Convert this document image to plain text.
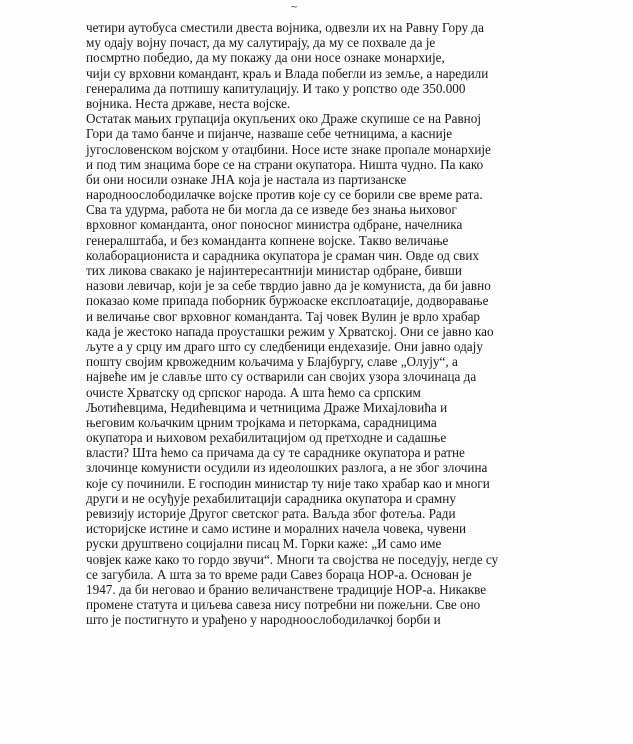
~
четири аутобуса сместили двеста војника, одвезли их на Равну Гору да
му одају војну почаст, да му салутирају, да му се похвале да је
посмртно победио, да му покажу да они носе ознаке монархије,
чији су врховни командант, краљ и Влада побегли из земље, а наредили
генералима да потпишу капитулацију. И тако у ропство оде 350.000
војника. Неста државе, неста војске.
Остатак мањих групација окупљених око Драже скупише се на Равној
Гори да тамо банче и пијанче, назваше себе четницима, а касније
југословенском војском у отаџбини. Носе исте знаке пропале монархије
и под тим знацима боре се на страни окупатора. Ништа чудно. Па како
би они носили ознаке ЈНА која је настала из партизанске
народноослободилачке војске против које су се борили све време рата.
Сва та удурма, работа не би могла да се изведе без знања њиховог
врховног команданта, оног поносног министра одбране, начелника
генералштаба, и без команданта копнене војске. Такво величање
колаборациониста и сарадника окупатора је сраман чин. Овде од свих
тих ликова свакако је најинтересантнији министар одбране, бивши
назови левичар, који је за себе тврдио јавно да је комуниста, да би јавно
показао коме припада поборник буржоаске експлоатације, додворавање
и величање свог врховног команданта. Тај човек Вулин је врло храбар
када је жестоко напада проусташки режим у Хрватској. Они се јавно као
љуте а у срцу им драго што су следбеници ендехазије. Они јавно одају
пошту својим крвожедним кољачима у Блајбургу, славе „Олују“, а
највеће им је славље што су остварили сан својих узора злочинаца да
очисте Хрватску од српског народа. А шта ћемо са српским
Љотићевцима, Недићевцима и четницима Драже Михајловића и
његовим кољачким црним тројкама и петоркама, сарадницима
окупатора и њиховом рехабилитацијом од претходне и садашње
власти? Шта ћемо са причама да су те сараднике окупатора и ратне
злочинце комунисти осудили из идеолошких разлога, а не због злочина
које су починили. Е господин министар ту није тако храбар као и многи
други и не осуђује рехабилитацији сарадника окупатора и срамну
ревизију историје Другог светског рата. Ваљда због фотеља. Ради
историјске истине и само истине и моралних начела човека, чувени
руски друштвено социјални писац М. Горки каже: „И само име
човјек каже како то гордо звучи“. Многи та својства не поседују, негде су
се загубила. А шта за то време ради Савез бораца НОР-а. Основан је
1947. да би неговао и бранио величанствене традиције НОР-а. Никакве
промене статута и циљева савеза нису потребни ни пожељни. Све оно
што је постигнуто и урађено у народноослободилачкој борби и
